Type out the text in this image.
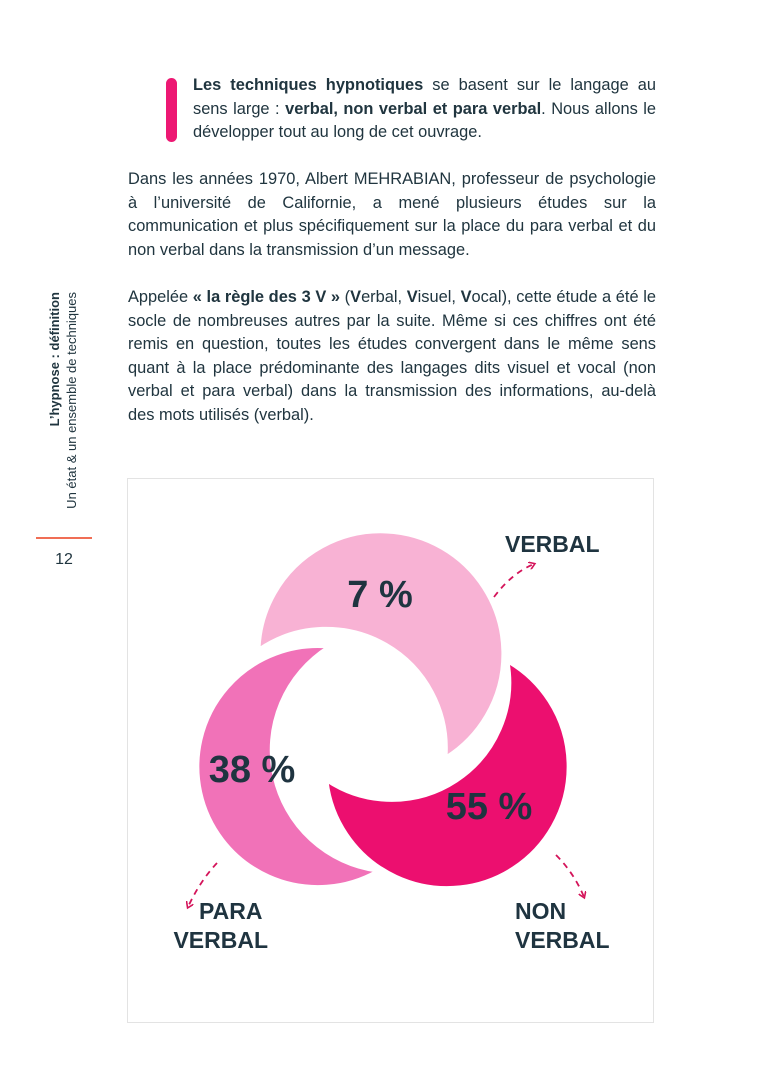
L’hypnose : définition Un état & un ensemble de techniques
12
Les techniques hypnotiques se basent sur le langage au sens large : verbal, non verbal et para verbal. Nous allons le développer tout au long de cet ouvrage.

Dans les années 1970, Albert MEHRABIAN, professeur de psychologie à l’université de Californie, a mené plusieurs études sur la communication et plus spécifiquement sur la place du para verbal et du non verbal dans la transmission d’un message.

Appelée « la règle des 3 V » (Verbal, Visuel, Vocal), cette étude a été le socle de nombreuses autres par la suite. Même si ces chiffres ont été remis en question, toutes les études convergent dans le même sens quant à la place prédominante des langages dits visuel et vocal (non verbal et para verbal) dans la transmission des informations, au-delà des mots utilisés (verbal).

7 %
38 %
55 %
VERBAL
PARA VERBAL
NON VERBAL
